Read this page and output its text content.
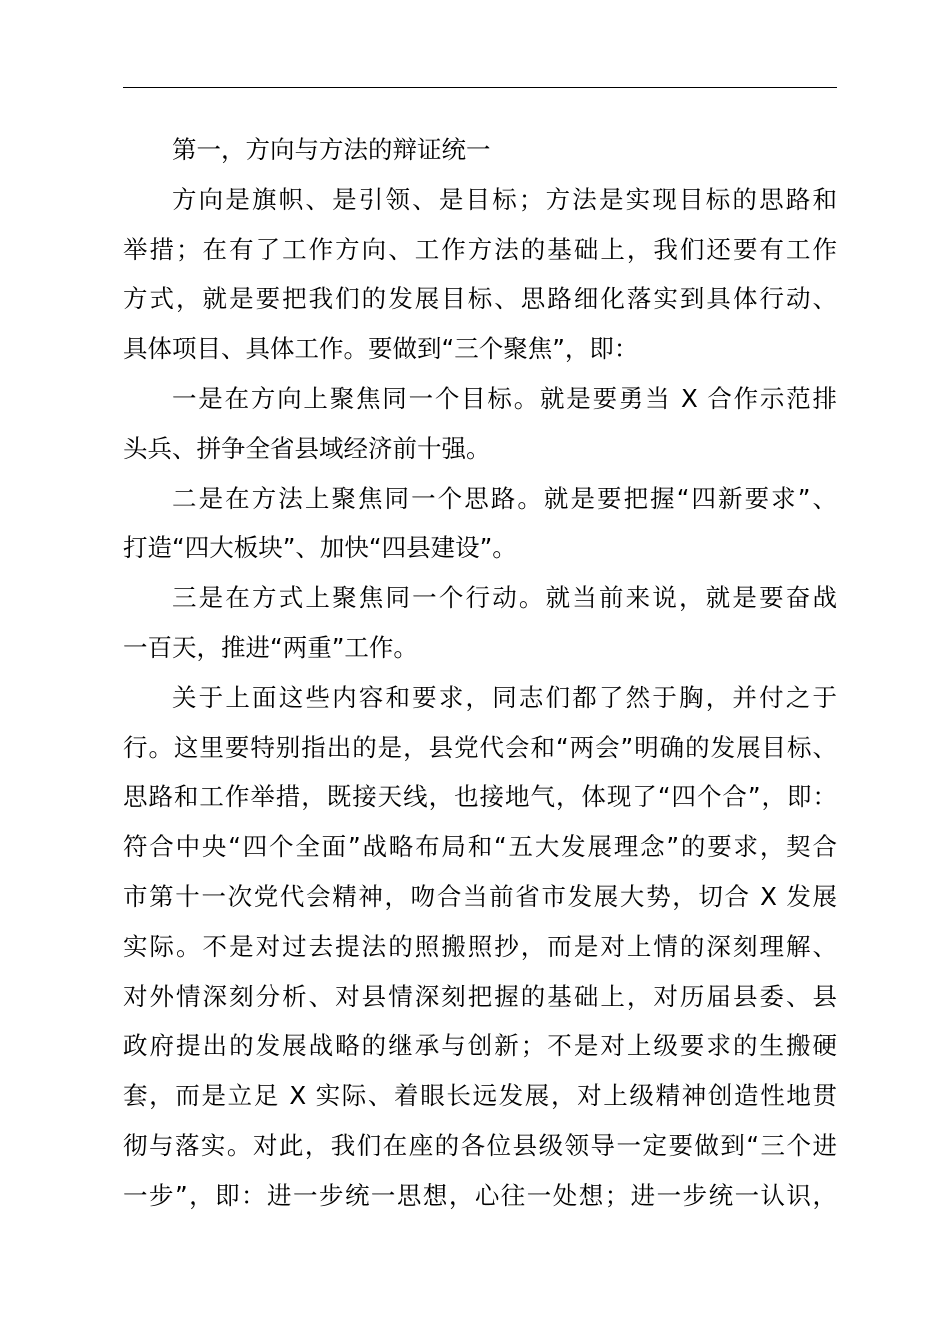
第一，方向与方法的辩证统一

方向是旗帜、是引领、是目标；方法是实现目标的思路和
举措；在有了工作方向、工作方法的基础上，我们还要有工作
方式，就是要把我们的发展目标、思路细化落实到具体行动、
具体项目、具体工作。要做到“三个聚焦”，即：

一是在方向上聚焦同一个目标。就是要勇当 X 合作示范排
头兵、拼争全省县域经济前十强。

二是在方法上聚焦同一个思路。就是要把握“四新要求”、
打造“四大板块”、加快“四县建设”。

三是在方式上聚焦同一个行动。就当前来说，就是要奋战
一百天，推进“两重”工作。

关于上面这些内容和要求，同志们都了然于胸，并付之于
行。这里要特别指出的是，县党代会和“两会”明确的发展目标、
思路和工作举措，既接天线，也接地气，体现了“四个合”，即：
符合中央“四个全面”战略布局和“五大发展理念”的要求，契合
市第十一次党代会精神，吻合当前省市发展大势，切合 X 发展
实际。不是对过去提法的照搬照抄，而是对上情的深刻理解、
对外情深刻分析、对县情深刻把握的基础上，对历届县委、县
政府提出的发展战略的继承与创新；不是对上级要求的生搬硬
套，而是立足 X 实际、着眼长远发展，对上级精神创造性地贯
彻与落实。对此，我们在座的各位县级领导一定要做到“三个进
一步”，即：进一步统一思想，心往一处想；进一步统一认识，
